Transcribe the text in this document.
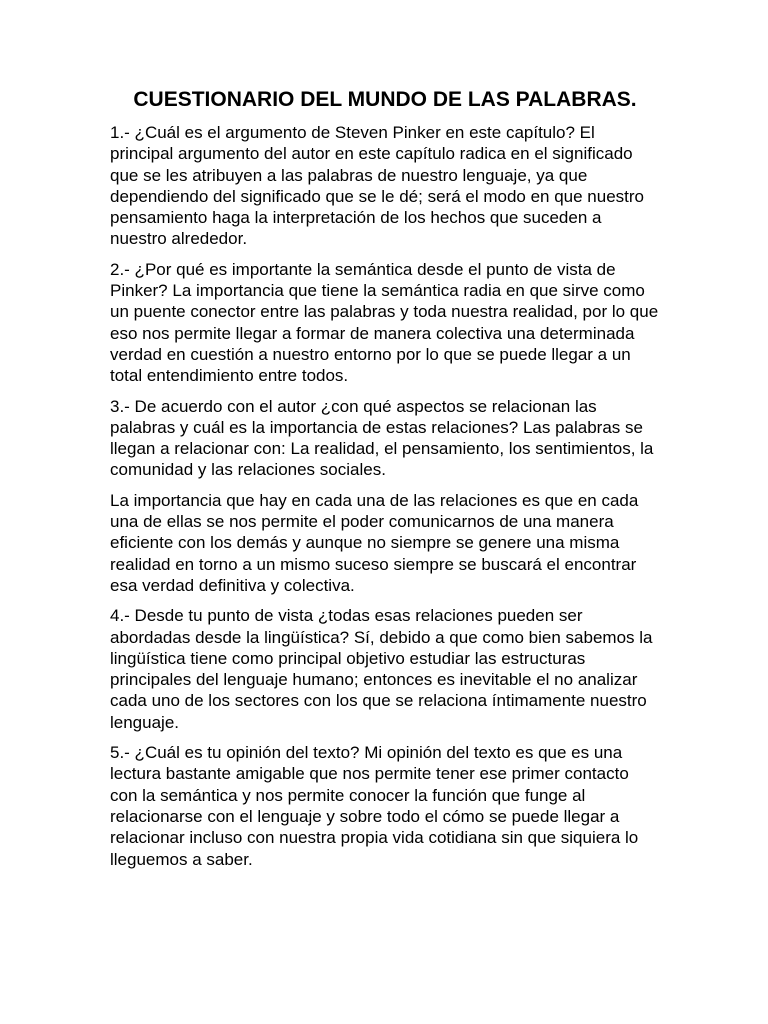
CUESTIONARIO DEL MUNDO DE LAS PALABRAS.

1.- ¿Cuál es el argumento de Steven Pinker en este capítulo? El principal argumento del autor en este capítulo radica en el significado que se les atribuyen a las palabras de nuestro lenguaje, ya que dependiendo del significado que se le dé; será el modo en que nuestro pensamiento haga la interpretación de los hechos que suceden a nuestro alrededor.

2.- ¿Por qué es importante la semántica desde el punto de vista de Pinker? La importancia que tiene la semántica radia en que sirve como un puente conector entre las palabras y toda nuestra realidad, por lo que eso nos permite llegar a formar de manera colectiva una determinada verdad en cuestión a nuestro entorno por lo que se puede llegar a un total entendimiento entre todos.

3.- De acuerdo con el autor ¿con qué aspectos se relacionan las palabras y cuál es la importancia de estas relaciones? Las palabras se llegan a relacionar con: La realidad, el pensamiento, los sentimientos, la comunidad y las relaciones sociales.

La importancia que hay en cada una de las relaciones es que en cada una de ellas se nos permite el poder comunicarnos de una manera eficiente con los demás y aunque no siempre se genere una misma realidad en torno a un mismo suceso siempre se buscará el encontrar esa verdad definitiva y colectiva.

4.- Desde tu punto de vista ¿todas esas relaciones pueden ser abordadas desde la lingüística? Sí, debido a que como bien sabemos la lingüística tiene como principal objetivo estudiar las estructuras principales del lenguaje humano; entonces es inevitable el no analizar cada uno de los sectores con los que se relaciona íntimamente nuestro lenguaje.

5.- ¿Cuál es tu opinión del texto? Mi opinión del texto es que es una lectura bastante amigable que nos permite tener ese primer contacto con la semántica y nos permite conocer la función que funge al relacionarse con el lenguaje y sobre todo el cómo se puede llegar a relacionar incluso con nuestra propia vida cotidiana sin que siquiera lo lleguemos a saber.
